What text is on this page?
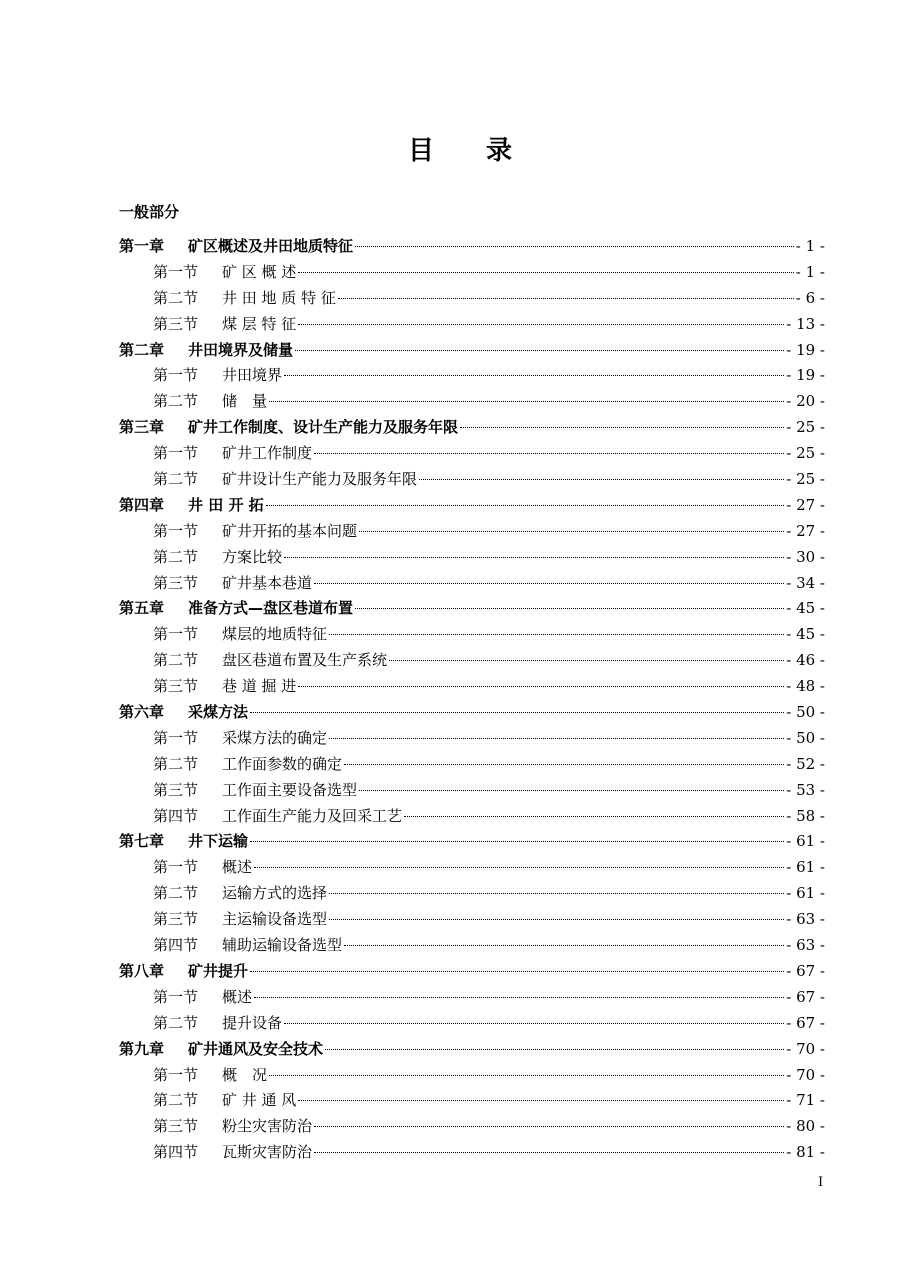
目录

一般部分

第一章	矿区概述及井田地质特征	- 1 -
第一节	矿 区 概 述	- 1 -
第二节	井 田 地 质 特 征	- 6 -
第三节	煤 层 特 征	- 13 -
第二章	井田境界及储量	- 19 -
第一节	井田境界	- 19 -
第二节	储　量	- 20 -
第三章	矿井工作制度、设计生产能力及服务年限	- 25 -
第一节	矿井工作制度	- 25 -
第二节	矿井设计生产能力及服务年限	- 25 -
第四章	井 田 开 拓	- 27 -
第一节	矿井开拓的基本问题	- 27 -
第二节	方案比较	- 30 -
第三节	矿井基本巷道	- 34 -
第五章	准备方式—盘区巷道布置	- 45 -
第一节	煤层的地质特征	- 45 -
第二节	盘区巷道布置及生产系统	- 46 -
第三节	巷 道 掘 进	- 48 -
第六章	采煤方法	- 50 -
第一节	采煤方法的确定	- 50 -
第二节	工作面参数的确定	- 52 -
第三节	工作面主要设备选型	- 53 -
第四节	工作面生产能力及回采工艺	- 58 -
第七章	井下运输	- 61 -
第一节	概述	- 61 -
第二节	运输方式的选择	- 61 -
第三节	主运输设备选型	- 63 -
第四节	辅助运输设备选型	- 63 -
第八章	矿井提升	- 67 -
第一节	概述	- 67 -
第二节	提升设备	- 67 -
第九章	矿井通风及安全技术	- 70 -
第一节	概　况	- 70 -
第二节	矿 井 通 风	- 71 -
第三节	粉尘灾害防治	- 80 -
第四节	瓦斯灾害防治	- 81 -

I
